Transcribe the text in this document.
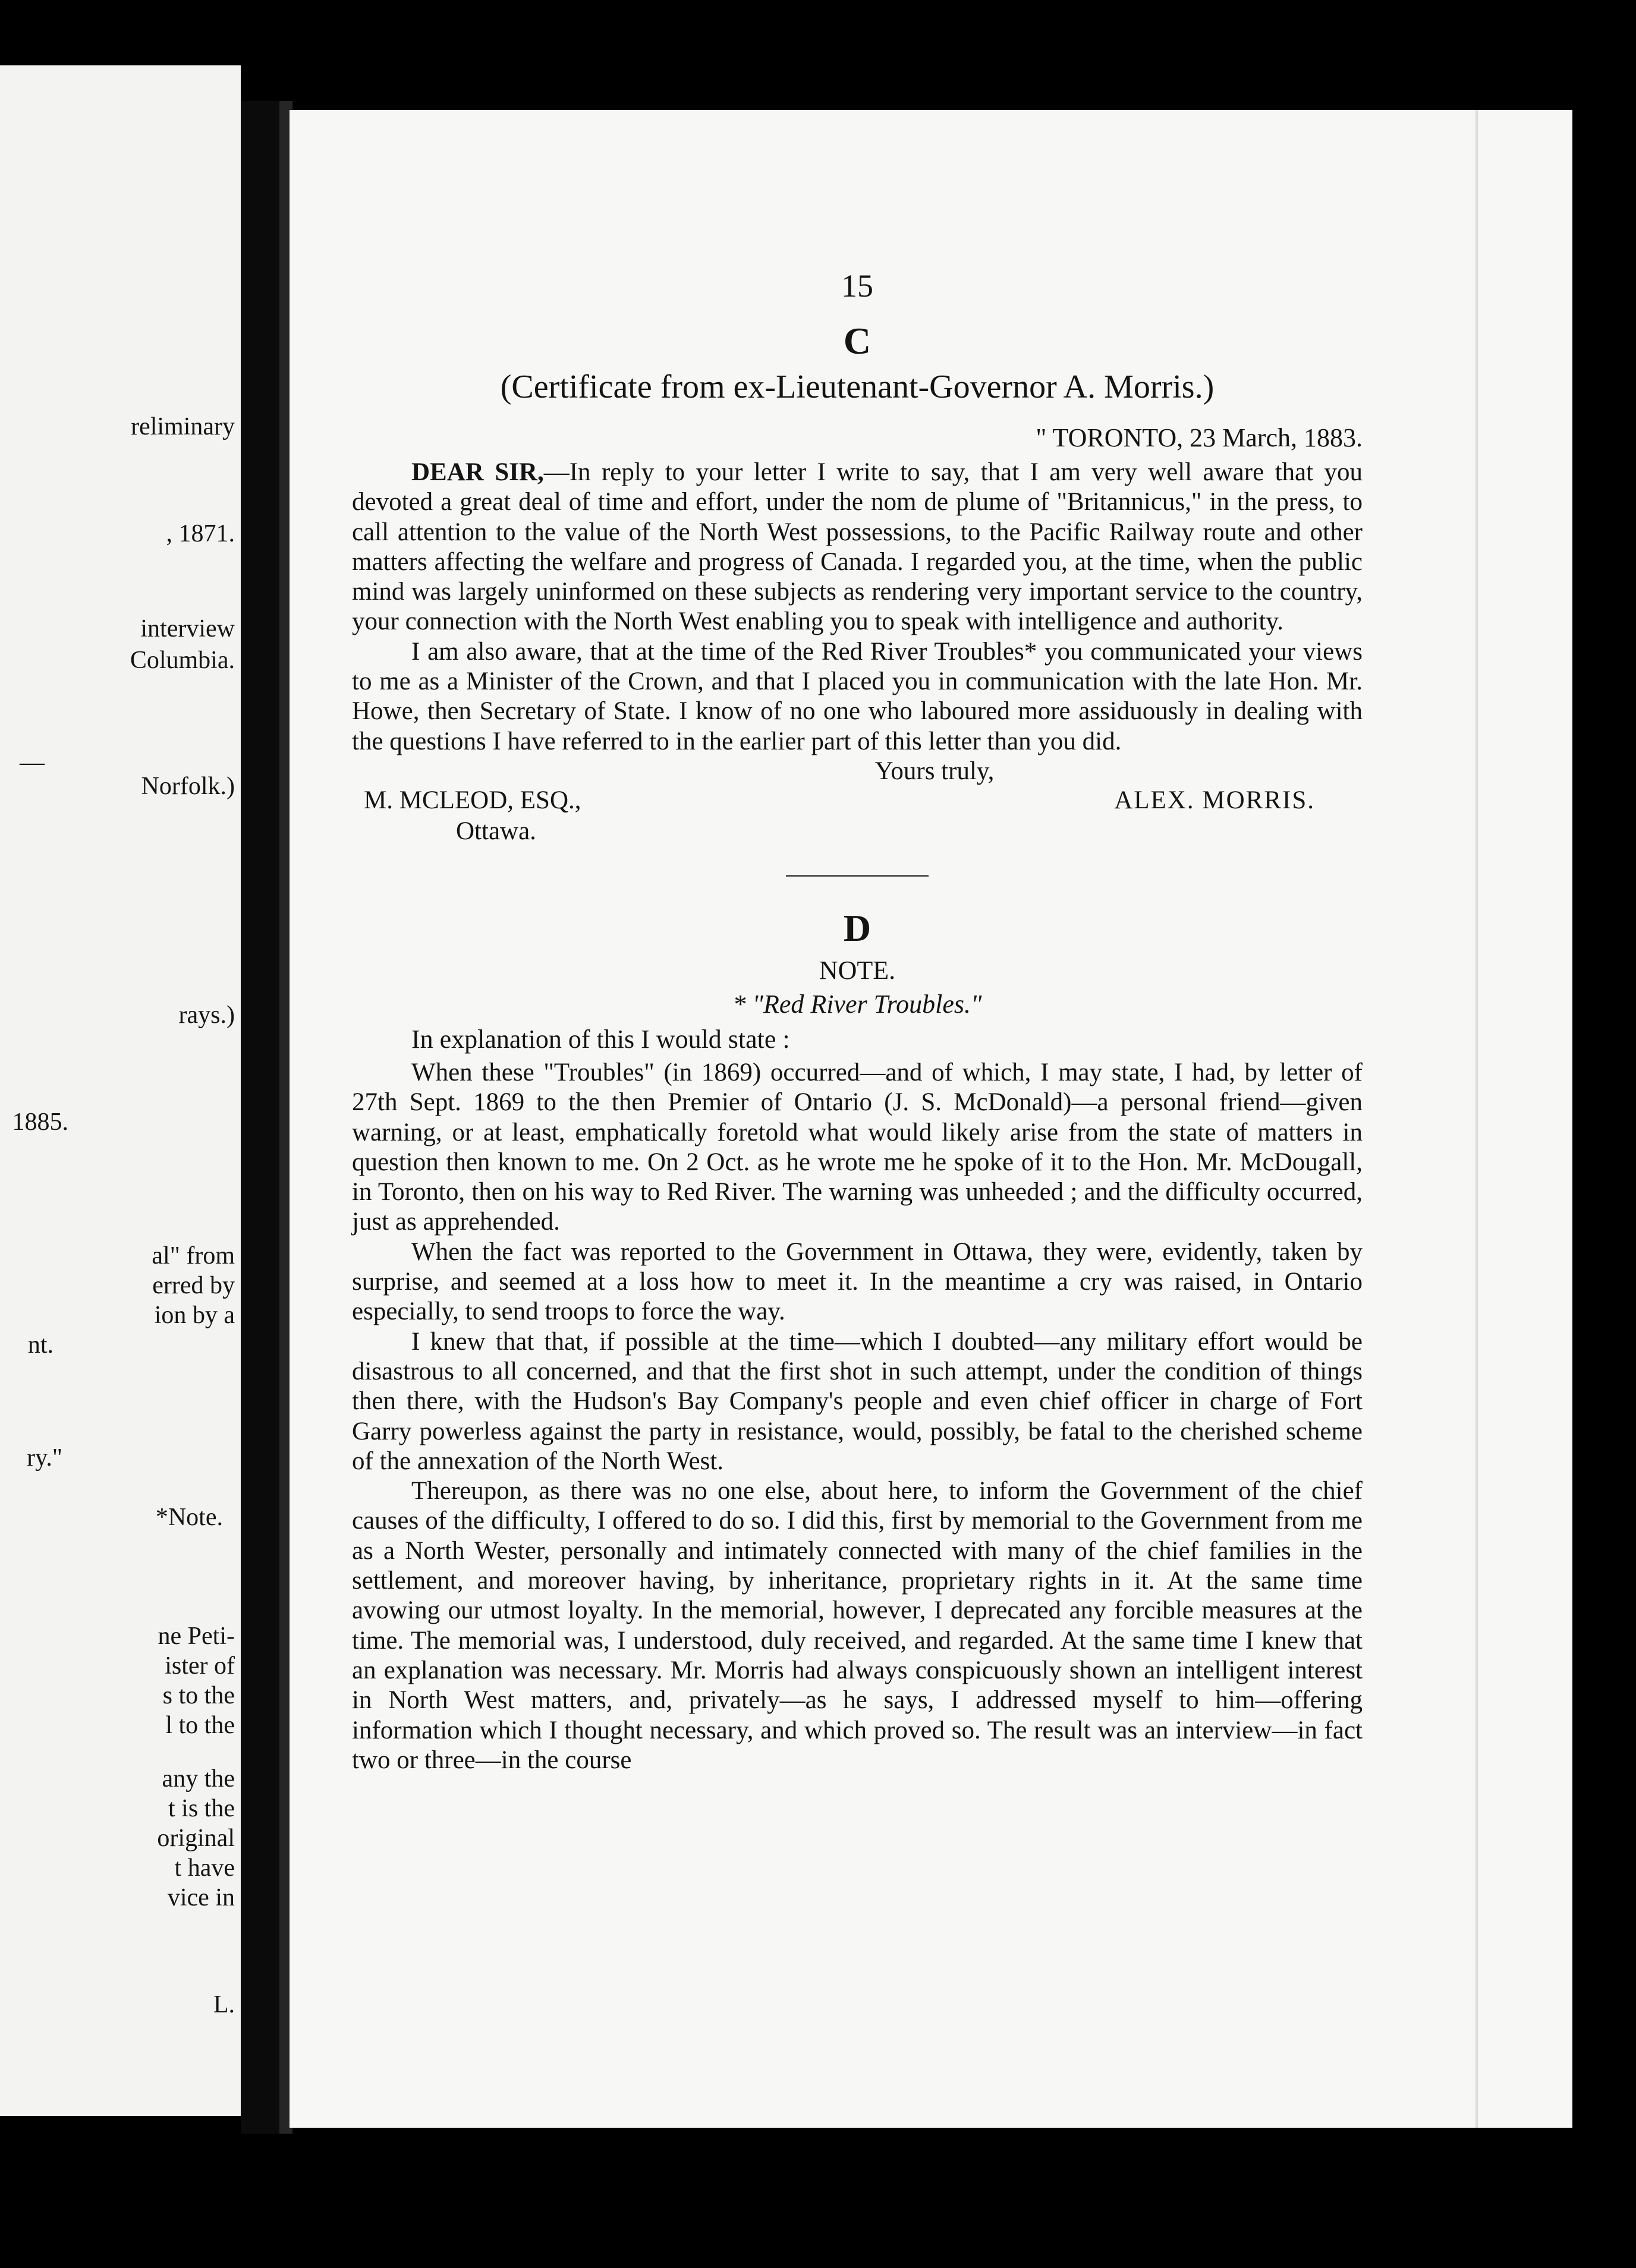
reliminary
, 1871.
interview
Columbia.
—
Norfolk.)
rays.)
1885.
al" from
erred by
ion by a
nt.
ry."
*Note.
ne Peti-
ister of
s to the
l to the
any the
t is the
original
t have
vice in
L.
15
C
(Certificate from ex-Lieutenant-Governor A. Morris.)
" TORONTO, 23 March, 1883.

DEAR SIR,—In reply to your letter I write to say, that I am very well aware that you devoted a great deal of time and effort, under the nom de plume of "Britannicus," in the press, to call attention to the value of the North West possessions, to the Pacific Railway route and other matters affecting the welfare and progress of Canada. I regarded you, at the time, when the public mind was largely uninformed on these subjects as rendering very important service to the country, your connection with the North West enabling you to speak with intelligence and authority.

I am also aware, that at the time of the Red River Troubles* you communicated your views to me as a Minister of the Crown, and that I placed you in communication with the late Hon. Mr. Howe, then Secretary of State. I know of no one who laboured more assiduously in dealing with the questions I have referred to in the earlier part of this letter than you did.

Yours truly,
M. MCLEOD, ESQ.,
Ottawa.
ALEX. MORRIS.
D
NOTE.
* "Red River Troubles."
In explanation of this I would state :

When these "Troubles" (in 1869) occurred—and of which, I may state, I had, by letter of 27th Sept. 1869 to the then Premier of Ontario (J. S. McDonald)—a personal friend—given warning, or at least, emphatically foretold what would likely arise from the state of matters in question then known to me. On 2 Oct. as he wrote me he spoke of it to the Hon. Mr. McDougall, in Toronto, then on his way to Red River. The warning was unheeded ; and the difficulty occurred, just as apprehended.

When the fact was reported to the Government in Ottawa, they were, evidently, taken by surprise, and seemed at a loss how to meet it. In the meantime a cry was raised, in Ontario especially, to send troops to force the way.

I knew that that, if possible at the time—which I doubted—any military effort would be disastrous to all concerned, and that the first shot in such attempt, under the condition of things then there, with the Hudson's Bay Company's people and even chief officer in charge of Fort Garry powerless against the party in resistance, would, possibly, be fatal to the cherished scheme of the annexation of the North West.

Thereupon, as there was no one else, about here, to inform the Government of the chief causes of the difficulty, I offered to do so. I did this, first by memorial to the Government from me as a North Wester, personally and intimately connected with many of the chief families in the settlement, and moreover having, by inheritance, proprietary rights in it. At the same time avowing our utmost loyalty. In the memorial, however, I deprecated any forcible measures at the time. The memorial was, I understood, duly received, and regarded. At the same time I knew that an explanation was necessary. Mr. Morris had always conspicuously shown an intelligent interest in North West matters, and, privately—as he says, I addressed myself to him—offering information which I thought necessary, and which proved so. The result was an interview—in fact two or three—in the course
